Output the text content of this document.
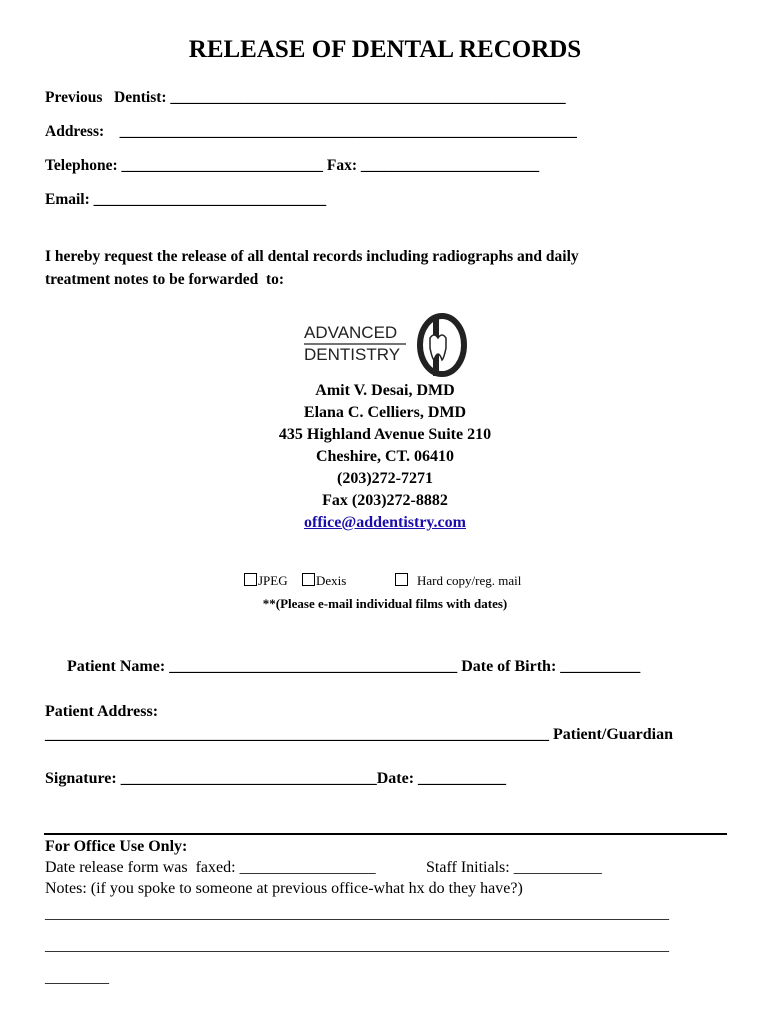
RELEASE OF DENTAL RECORDS
Previous   Dentist: ___________________________________________________
Address:    ___________________________________________________________
Telephone: __________________________ Fax: _______________________
Email: ______________________________
I hereby request the release of all dental records including radiographs and daily
treatment notes to be forwarded  to:
ADVANCED
DENTISTRY
Amit V. Desai, DMD
Elana C. Celliers, DMD
435 Highland Avenue Suite 210
Cheshire, CT. 06410
(203)272-7271
Fax (203)272-8882
office@addentistry.com
JPEG	Dexis	Hard copy/reg. mail
**(Please e-mail individual films with dates)
Patient Name: ____________________________________ Date of Birth: __________
Patient Address:
_______________________________________________________________ Patient/Guardian
Signature: ________________________________Date: ___________
For Office Use Only:
Date release form was  faxed: _________________	Staff Initials: ___________
Notes: (if you spoke to someone at previous office-what hx do they have?)
______________________________________________________________________________
______________________________________________________________________________
________
